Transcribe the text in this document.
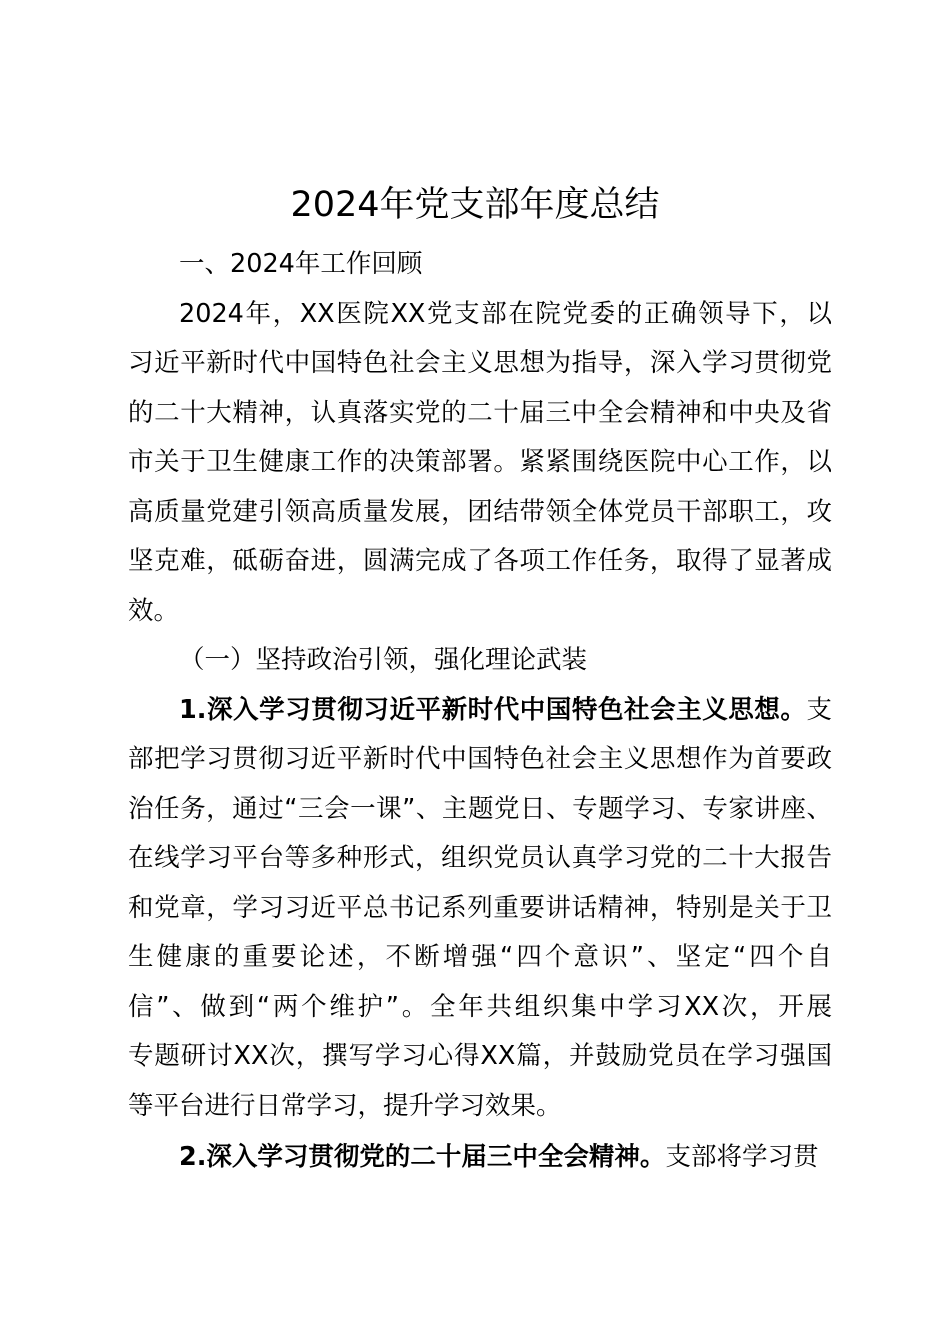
2024年党支部年度总结
一、2024年工作回顾
2024年，XX医院XX党支部在院党委的正确领导下，以
习近平新时代中国特色社会主义思想为指导，深入学习贯彻党
的二十大精神，认真落实党的二十届三中全会精神和中央及省
市关于卫生健康工作的决策部署。紧紧围绕医院中心工作，以
高质量党建引领高质量发展，团结带领全体党员干部职工，攻
坚克难，砥砺奋进，圆满完成了各项工作任务，取得了显著成
效。
（一）坚持政治引领，强化理论武装
1.深入学习贯彻习近平新时代中国特色社会主义思想。支
部把学习贯彻习近平新时代中国特色社会主义思想作为首要政
治任务，通过“三会一课”、主题党日、专题学习、专家讲座、
在线学习平台等多种形式，组织党员认真学习党的二十大报告
和党章，学习习近平总书记系列重要讲话精神，特别是关于卫
生健康的重要论述，不断增强“四个意识”、坚定“四个自
信”、做到“两个维护”。全年共组织集中学习XX次，开展
专题研讨XX次，撰写学习心得XX篇，并鼓励党员在学习强国
等平台进行日常学习，提升学习效果。
2.深入学习贯彻党的二十届三中全会精神。支部将学习贯
